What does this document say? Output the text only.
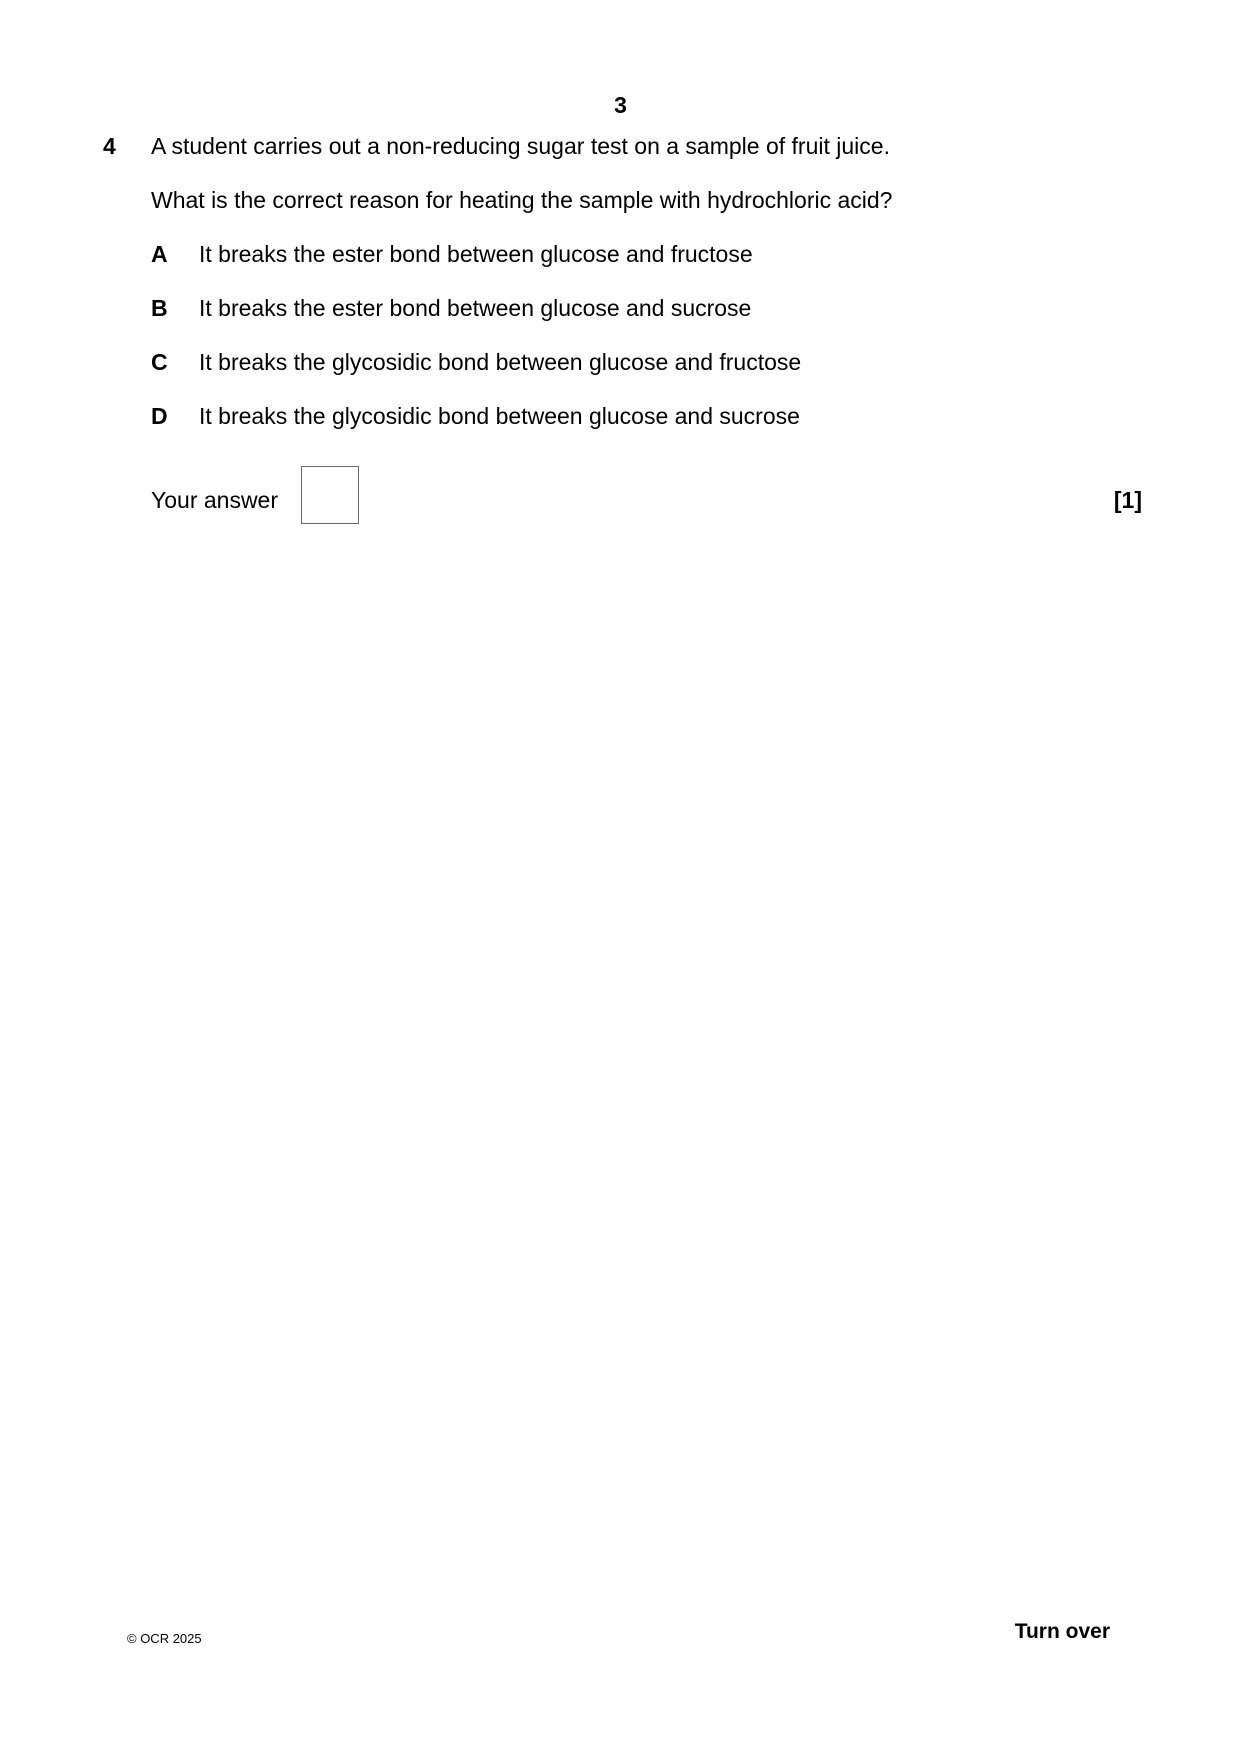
3
4 A student carries out a non-reducing sugar test on a sample of fruit juice.
What is the correct reason for heating the sample with hydrochloric acid?
A It breaks the ester bond between glucose and fructose
B It breaks the ester bond between glucose and sucrose
C It breaks the glycosidic bond between glucose and fructose
D It breaks the glycosidic bond between glucose and sucrose
Your answer	[1]
© OCR 2025	Turn over
